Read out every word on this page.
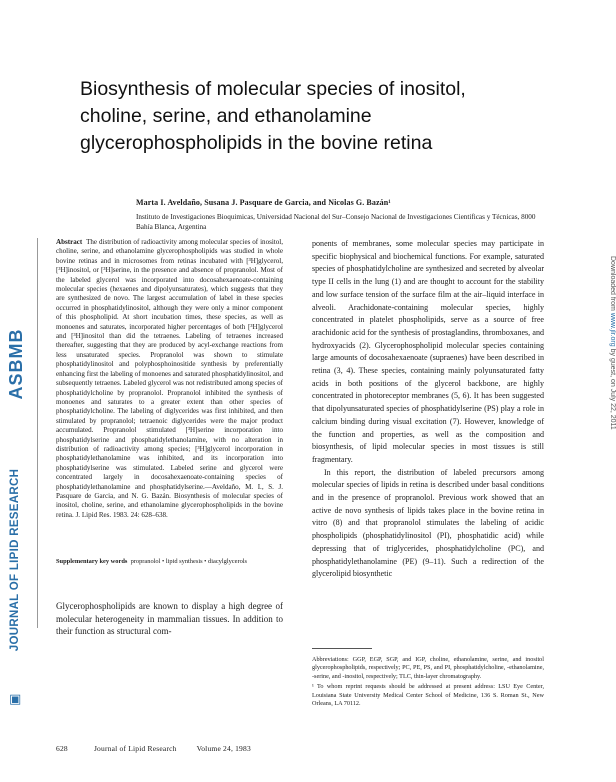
Biosynthesis of molecular species of inositol, choline, serine, and ethanolamine glycerophospholipids in the bovine retina
Marta I. Aveldaño, Susana J. Pasquare de Garcia, and Nicolas G. Bazán¹
Instituto de Investigaciones Bioquimicas, Universidad Nacional del Sur–Consejo Nacional de Investigaciones Cientificas y Técnicas, 8000 Bahía Blanca, Argentina
ASBMB
JOURNAL OF LIPID RESEARCH
▣
Downloaded from www.jlr.org by guest, on July 22, 2011
Abstract The distribution of radioactivity among molecular species of inositol, choline, serine, and ethanolamine glycerophospholipids was studied in whole bovine retinas and in microsomes from retinas incubated with [³H]glycerol, [³H]inositol, or [³H]serine, in the presence and absence of propranolol. Most of the labeled glycerol was incorporated into docosahexaenoate-containing molecular species (hexaenes and dipolyunsaturates), which suggests that they are synthesized de novo. The largest accumulation of label in these species occurred in phosphatidylinositol, although they were only a minor component of this phospholipid. At short incubation times, these species, as well as monoenes and saturates, incorporated higher percentages of both [³H]glycerol and [³H]inositol than did the tetraenes. Labeling of tetraenes increased thereafter, suggesting that they are produced by acyl-exchange reactions from less unsaturated species. Propranolol was shown to stimulate phosphatidylinositol and polyphosphoinositide synthesis by preferentially enhancing first the labeling of monoenes and saturated phosphatidylinositol, and subsequently tetraenes. Labeled glycerol was not redistributed among species of phosphatidylcholine by propranolol. Propranolol inhibited the synthesis of monoenes and saturates to a greater extent than other species of phosphatidylcholine. The labeling of diglycerides was first inhibited, and then stimulated by propranolol; tetraenoic diglycerides were the major product accumulated. Propranolol stimulated [³H]serine incorporation into phosphatidylserine and phosphatidylethanolamine, with no alteration in distribution of radioactivity among species; [³H]glycerol incorporation in phosphatidylethanolamine was inhibited, and its incorporation into phosphatidylserine was stimulated. Labeled serine and glycerol were concentrated largely in docosahexaenoate-containing species of phosphatidylethanolamine and phosphatidylserine.—Aveldaño, M. I., S. J. Pasquare de Garcia, and N. G. Bazán. Biosynthesis of molecular species of inositol, choline, serine, and ethanolamine glycerophospholipids in the bovine retina. J. Lipid Res. 1983. 24: 628–638.
Supplementary key words propranolol • lipid synthesis • diacylglycerols
Glycerophospholipids are known to display a high degree of molecular heterogeneity in mammalian tissues. In addition to their function as structural com-

ponents of membranes, some molecular species may participate in specific biophysical and biochemical functions. For example, saturated species of phosphatidylcholine are synthesized and secreted by alveolar type II cells in the lung (1) and are thought to account for the stability and low surface tension of the surface film at the air–liquid interface in alveoli. Arachidonate-containing molecular species, highly concentrated in platelet phospholipids, serve as a source of free arachidonic acid for the synthesis of prostaglandins, thromboxanes, and hydroxyacids (2). Glycerophospholipid molecular species containing large amounts of docosahexaenoate (supraenes) have been described in retina (3, 4). These species, containing mainly polyunsaturated fatty acids in both positions of the glycerol backbone, are highly concentrated in photoreceptor membranes (5, 6). It has been suggested that dipolyunsaturated species of phosphatidylserine (PS) play a role in calcium binding during visual excitation (7). However, knowledge of the function and properties, as well as the composition and biosynthesis, of lipid molecular species in most tissues is still fragmentary.

In this report, the distribution of labeled precursors among molecular species of lipids in retina is described under basal conditions and in the presence of propranolol. Previous work showed that an active de novo synthesis of lipids takes place in the bovine retina in vitro (8) and that propranolol stimulates the labeling of acidic phospholipids (phosphatidylinositol (PI), phosphatidic acid) while depressing that of triglycerides, phosphatidylcholine (PC), and phosphatidylethanolamine (PE) (9–11). Such a redirection of the glycerolipid biosynthetic

Abbreviations: GGP, EGP, SGP, and IGP, choline, ethanolamine, serine, and inositol glycerophospholipids, respectively; PC, PE, PS, and PI, phosphatidylcholine, -ethanolamine, -serine, and -inositol, respectively; TLC, thin-layer chromatography.

¹ To whom reprint requests should be addressed at present address: LSU Eye Center, Louisiana State University Medical Center School of Medicine, 136 S. Roman St., New Orleans, LA 70112.

628	Journal of Lipid Research	Volume 24, 1983
